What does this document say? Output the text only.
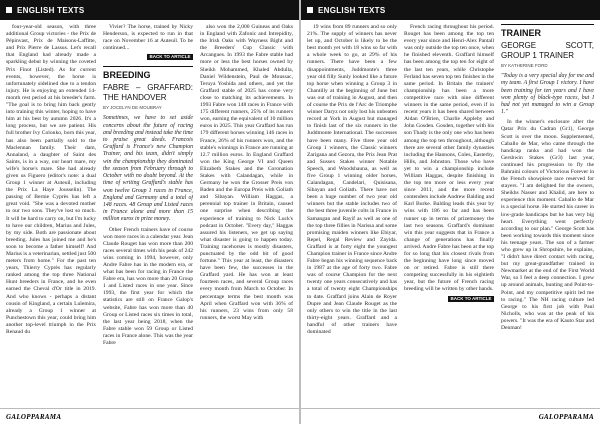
ENGLISH TEXTS

four-year-old season, with three additional Group victories - the Prix de Pépinvast, Prix de Maisons-Laffitte, and Prix Pierre de Lassus. Let's recall that England had already made a sparkling debut by winning the coveted Prix Finot (Listed). As for current events, however, the horse is unfortunately sidelined due to a tendon injury. He is enjoying an extended 14-month rest period at his breeder's farm. "The goal is to bring him back gently into training this winter, hoping to have him at his best by autumn 2026. It's a long process, but we are patient. His full brother Ivy Colonko, born this year, has also been partially sold to the Maclennan family. Their dam, Annaland, a daughter of Saint des Saints, is in a way, our heart mare, my wife's horse's mare. She had already given us Figuero (editor's note: a dual Group 1 winner at Auteuil, including the Prix La Haye Jousselin). The passing of Bernie Cyprès has left a great void. "She was a devoted mother to our two sons. They've lost so much. It will be hard to carry on, but I'm lucky to have our children, Marius and Jules, by my side. Both are passionate about breeding. Jules has joined me and he's soon to become a father himself! And Marius is a veterinarian, settled just 500 meters from home." For the past ten years, Thierry Cyprès has regularly ranked among the top three National Hunt breeders in France, and he even earned the Cheval d'Or title in 2019. And who knows - perhaps a distant cousin of Kingland, a certain Lulemira, already a Group 1 winner at Punchestown this year, could bring him another top-level triumph in the Prix Renaud du

Vivier? The horse, trained by Nicky Henderson, is expected to run in that race on November 16 at Auteuil. To be continued...

BACK TO ARTICLE
BREEDING
FABRE – GRAFFARD: THE HANDOVER
BY JOCELYN DE MOUBRAY
Sometimes, we have to set aside concerns about the future of racing and breeding and instead take the time to praise great deeds. Francois Graffard is France's new Champion Trainer, and his team, didn't simply win the championship they dominated the season from February through to October with no doubt beyond. At the time of writing Graffard's stable has won twelve Group 1 races in France, England and Germany and a total of 148 races. 48 Group and Listed races in France alone and more than 15 million euros in prize money.

Other French trainers have of course won more races in a calendar year. Jean Claude Rouget has won more than 200 races several times with his peak of 242 wins coming in 1994, however, only Andre Fabre has in the modern era, or what has been for racing in France the Fabre era, has won more than 20 Group 1 and Listed races in one year. Since 1993, the first year for which the statistics are still on France Galop's website, Fabre has won more than 40 Group or Listed races six times in total, the last year being 2018, when the Fabre stable won 59 Group or Listed races in France alone. This was the year Fabre

also won the 2,000 Guineas and Oaks in England with Zafonic and Intrepidity, the Irish Oaks with Wayness Bight and the Breeders' Cup Classic with Arcangues. In 1993 the Fabre stable had more or less the best horses owned by Sheikh Mohammed, Khaled Abdulla, Daniel Wildenstein, Paul de Moussac, Teruya Yoshida and others, and yet the Graffard stable of 2025 has come very close to matching its achievements. In 1993 Fabre won 148 races in France with 175 different runners, 25% of its runners won, earning the equivalent of 10 million euros in 2025. This year Graffard has run 179 different horses winning 146 races in France, 26% of his runners won, and the stable's winnings in France are running at 12.7 million euros. In England Graffard won the King George VI and Queen Elizabeth Stakes and the Coronation Stakes with Calandagan, while in Germany he won the Grosser Preis von Baden and the Europa Preis with Goliath and Sibayan. William Haggas, a perennial top trainer in Britain, caused one surprise when describing the experience of training to Nick Luck's podcast in October. "Every day," Haggas assured his listeners, we get up saying what disaster is going to happen today. Training racehorses is mostly disasters, punctuated by the odd bit of good fortune." This year at least, the disasters have been few, the successes in the Graffard yard. He has won at least fourteen races, and several Group races every month from March to October. In percentage terms the best month was April when Graffard won with 36% of his runners, 23 wins from only 58 runners, the worst May with

GALOPPARAMA
ENGLISH TEXTS

19 wins from 89 runners and so only 21%. The supply of winners has never let up, and October is likely to be the best month yet with 18 wins so far with a whole week to go, at 29% of his runners. There have been a few disappointments, Juddmonte's three year old filly Sunly looked like a future top horse when winning a Group 3 in Chantilly at the beginning of June but was out of training in August, and then of course the Prix de l'Arc de Triomphe winner Daryz not only lost his unbeaten record at York in August but managed to finish last of the six runners in the Juddmonte International. The successes have been many. Five three year old Group 1 winners, the Classic winners Zarigana and Gezora, the Prix Jean Prat and Sussex Stakes winner Notable Speech, and Woodshauna, as well as five Group 1 winning older horses, Calandagan, Candelari, Quisisana, Sibayan and Goliath. There have not been a huge number of two year old winners but the stable includes two of the best three juvenile colts in France in Samangan and Rayif as well as one of the top three fillies in Narissa and some promising maiden winners like Ebiyar, Repel, Regal Review and Zayida. Graffard is at forty eight the youngest Champion trainer in France since Andre Fabre began his winning sequence back in 1987 at the age of forty two. Fabre was of course Champion for the next twenty one years consecutively and has a total of twenty eight Championships to date. Graffard joins Alain de Royer Dupre and Jean Claude Rouget as the only others to win the title in the last thirty-eight years. Graffard and a handful of other trainers have dominated

French racing throughout his period. Rouget has been among the top ten every year since and Henri-Alex Pantall was only outside the top ten once, when he finished eleventh. Graffard himself has been among the top ten for eight of the last ten years, while Christophe Ferland has seven top ten finishes in the same period. In Britain the trainers' championship has been a more competitive race with nine different winners in the same period, even if in recent years it has been shared between Aidan O'Brien, Charlie Appleby and John Gosden. Gosden, together with his son Thady is the only one who has been among the top ten throughout, although there are several other family dynasties including the Hannons, Coles, Easterby, Hills, and Johnston. Those who have yet to win a championship include William Haggas, despite finishing in the top ten more or less every year since 2011, and the more recent contenders include Andrew Balding and Karl Burke. Balding leads this year by wins with 186 so far and has been runner up in terms of prizemoney the last two seasons. Graffard's dominant win this year suggests that in France a change of generations has finally arrived. Andre Fabre has been at the top for so long that his closest rivals from the beginning have long since moved on or retired. Fabre is still there competing successfully in his eightieth year, but the future of French racing breeding will be written by other hands.

BACK TO ARTICLE
TRAINER
GEORGE SCOTT, GROUP 1 TRAINER
BY KATHERINE FORD
"Today is a very special day for me and my team. A first Group 1 victory. I have been training for ten years and I have won plenty of black-type races, but I had not yet managed to win a Group 1."

In the winner's enclosure after the Qatar Prix du Cadran (Gr1), George Scott is over the moon. Supplemented, Caballo de Mar, who came through the handicap ranks and had won the Gershwin Stakes (Gr3) last year, continued his progression to fly the Bahraini colours of Victorious Forever in the French showpiece race reserved for stayers. "I am delighted for the owners, Sheikhs Nasser and Khalid, are here to experience this moment. Caballo de Mar is a special horse. He started his career in low-grade handicaps but he has very big heart. Everything went perfectly according to our plan." George Scott has been working towards this moment since his teenage years. The son of a farmer who grew up in Shropshire, he explains, "I didn't have direct contact with racing, but my great-grandfather trained in Newmarket at the end of the First World War, so I feel a deep connection. I grew up around animals, hunting and Point-to-Point, and my competitive spirit led me to racing." The NH racing culture led George to his first job with Paul Nicholls, who was at the peak of his powers. "It was the era of Kauto Star and Denman!

GALOPPARAMA
